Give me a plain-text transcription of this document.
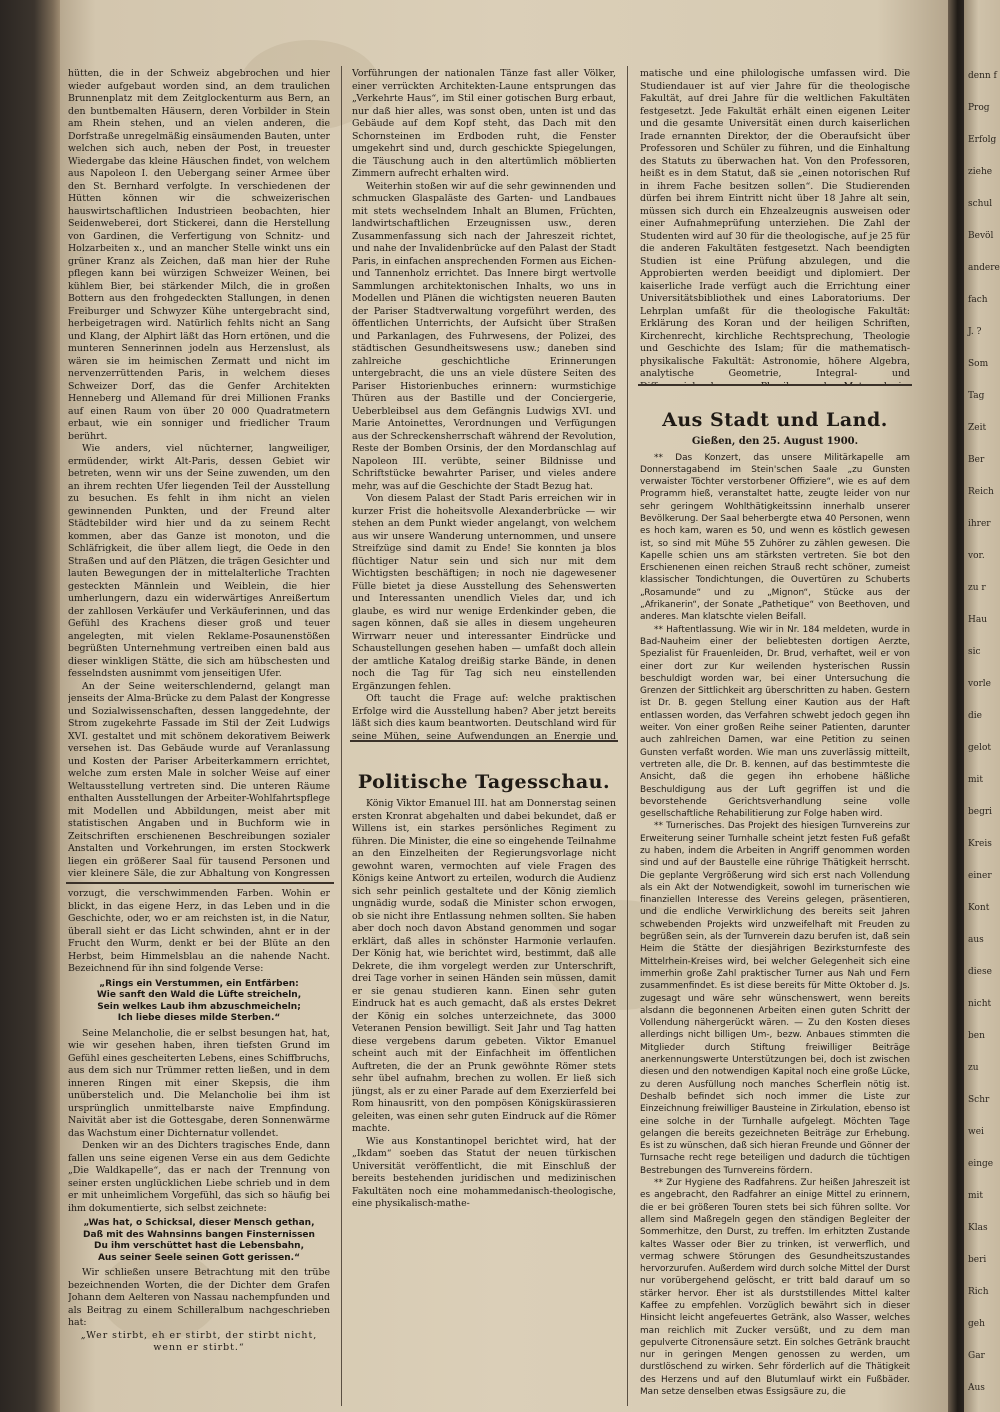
hütten, die in der Schweiz abgebrochen und hier wieder aufgebaut worden sind, an dem traulichen Brunnenplatz mit dem Zeitglockenturm aus Bern, an den buntbemalten Häusern, deren Vorbilder in Stein am Rhein stehen, und an vielen anderen, die Dorfstraße unregelmäßig einsäumenden Bauten, unter welchen sich auch, neben der Post, in treuester Wiedergabe das kleine Häuschen findet, von welchem aus Napoleon I. den Uebergang seiner Armee über den St. Bernhard verfolgte. In verschiedenen der Hütten können wir die schweizerischen hauswirtschaftlichen Industrieen beobachten, hier Seidenweberei, dort Stickerei, dann die Herstellung von Gardinen, die Verfertigung von Schnitz- und Holzarbeiten x., und an mancher Stelle winkt uns ein grüner Kranz als Zeichen, daß man hier der Ruhe pflegen kann bei würzigen Schweizer Weinen, bei kühlem Bier, bei stärkender Milch, die in großen Bottern aus den frohgedeckten Stallungen, in denen Freiburger und Schwyzer Kühe untergebracht sind, herbeigetragen wird. Natürlich fehlts nicht an Sang und Klang, der Alphirt läßt das Horn ertönen, und die munteren Sennerinnen jodeln aus Herzenslust, als wären sie im heimischen Zermatt und nicht im nervenzerrüttenden Paris, in welchem dieses Schweizer Dorf, das die Genfer Architekten Henneberg und Allemand für drei Millionen Franks auf einen Raum von über 20 000 Quadratmetern erbaut, wie ein sonniger und friedlicher Traum berührt.

Wie anders, viel nüchterner, langweiliger, ermüdender, wirkt Alt-Paris, dessen Gebiet wir betreten, wenn wir uns der Seine zuwenden, um den an ihrem rechten Ufer liegenden Teil der Ausstellung zu besuchen. Es fehlt in ihm nicht an vielen gewinnenden Punkten, und der Freund alter Städtebilder wird hier und da zu seinem Recht kommen, aber das Ganze ist monoton, und die Schläfrigkeit, die über allem liegt, die Oede in den Straßen und auf den Plätzen, die trägen Gesichter und lauten Bewegungen der in mittelalterliche Trachten gesteckten Männlein und Weiblein, die hier umherlungern, dazu ein widerwärtiges Anreißertum der zahllosen Verkäufer und Verkäuferinnen, und das Gefühl des Krachens dieser groß und teuer angelegten, mit vielen Reklame-Posaunenstößen begrüßten Unternehmung vertreiben einen bald aus dieser winkligen Stätte, die sich am hübschesten und fesselndsten ausnimmt vom jenseitigen Ufer.

An der Seine weiterschlendernd, gelangt man jenseits der Alma-Brücke zu dem Palast der Kongresse und Sozialwissenschaften, dessen langgedehnte, der Strom zugekehrte Fassade im Stil der Zeit Ludwigs XVI. gestaltet und mit schönem dekorativem Beiwerk versehen ist. Das Gebäude wurde auf Veranlassung und Kosten der Pariser Arbeiterkammern errichtet, welche zum ersten Male in solcher Weise auf einer Weltausstellung vertreten sind. Die unteren Räume enthalten Ausstellungen der Arbeiter-Wohlfahrtspflege mit Modellen und Abbildungen, meist aber mit statistischen Angaben und in Buchform wie in Zeitschriften erschienenen Beschreibungen sozialer Anstalten und Vorkehrungen, im ersten Stockwerk liegen ein größerer Saal für tausend Personen und vier kleinere Säle, die zur Abhaltung von Kongressen

vorzugt, die verschwimmenden Farben. Wohin er blickt, in das eigene Herz, in das Leben und in die Geschichte, oder, wo er am reichsten ist, in die Natur, überall sieht er das Licht schwinden, ahnt er in der Frucht den Wurm, denkt er bei der Blüte an den Herbst, beim Himmelsblau an die nahende Nacht. Bezeichnend für ihn sind folgende Verse:

„Rings ein Verstummen, ein Entfärben:
Wie sanft den Wald die Lüfte streicheln,
Sein welkes Laub ihm abzuschmeicheln;
Ich liebe dieses milde Sterben.“

Seine Melancholie, die er selbst besungen hat, hat, wie wir gesehen haben, ihren tiefsten Grund im Gefühl eines gescheiterten Lebens, eines Schiffbruchs, aus dem sich nur Trümmer retten ließen, und in dem inneren Ringen mit einer Skepsis, die ihm unüberstelich und. Die Melancholie bei ihm ist ursprünglich unmittelbarste naive Empfindung. Naivität aber ist die Gottesgabe, deren Sonnenwärme das Wachstum einer Dichternatur vollendet.

Denken wir an des Dichters tragisches Ende, dann fallen uns seine eigenen Verse ein aus dem Gedichte „Die Waldkapelle“, das er nach der Trennung von seiner ersten unglücklichen Liebe schrieb und in dem er mit unheimlichem Vorgefühl, das sich so häufig bei ihm dokumentierte, sich selbst zeichnete:

„Was hat, o Schicksal, dieser Mensch gethan,
Daß mit des Wahnsinns bangen Finsternissen
Du ihm verschüttet hast die Lebensbahn,
Aus seiner Seele seinen Gott gerissen.“

Wir schließen unsere Betrachtung mit den trübe bezeichnenden Worten, die der Dichter dem Grafen Johann dem Aelteren von Nassau nachempfunden und als Beitrag zu einem Schilleralbum nachgeschrieben hat:

„Wer stirbt, eh er stirbt, der stirbt nicht, wenn er stirbt.“

Vorführungen der nationalen Tänze fast aller Völker, einer verrückten Architekten-Laune entsprungen das „Verkehrte Haus“, im Stil einer gotischen Burg erbaut, nur daß hier alles, was sonst oben, unten ist und das Gebäude auf dem Kopf steht, das Dach mit den Schornsteinen im Erdboden ruht, die Fenster umgekehrt sind und, durch geschickte Spiegelungen, die Täuschung auch in den altertümlich möblierten Zimmern aufrecht erhalten wird.

Weiterhin stoßen wir auf die sehr gewinnenden und schmucken Glaspaläste des Garten- und Landbaues mit stets wechselndem Inhalt an Blumen, Früchten, landwirtschaftlichen Erzeugnissen usw., deren Zusammenfassung sich nach der Jahreszeit richtet, und nahe der Invalidenbrücke auf den Palast der Stadt Paris, in einfachen ansprechenden Formen aus Eichen- und Tannenholz errichtet. Das Innere birgt wertvolle Sammlungen architektonischen Inhalts, wo uns in Modellen und Plänen die wichtigsten neueren Bauten der Pariser Stadtverwaltung vorgeführt werden, des öffentlichen Unterrichts, der Aufsicht über Straßen und Parkanlagen, des Fuhrwesens, der Polizei, des städtischen Gesundheitswesens usw.; daneben sind zahlreiche geschichtliche Erinnerungen untergebracht, die uns an viele düstere Seiten des Pariser Historienbuches erinnern: wurmstichige Thüren aus der Bastille und der Conciergerie, Ueberbleibsel aus dem Gefängnis Ludwigs XVI. und Marie Antoinettes, Verordnungen und Verfügungen aus der Schreckensherrschaft während der Revolution, Reste der Bomben Orsinis, der den Mordanschlag auf Napoleon III. verübte, seiner Bildnisse und Schriftstücke bewahrter Pariser, und vieles andere mehr, was auf die Geschichte der Stadt Bezug hat.

Von diesem Palast der Stadt Paris erreichen wir in kurzer Frist die hoheitsvolle Alexanderbrücke — wir stehen an dem Punkt wieder angelangt, von welchem aus wir unsere Wanderung unternommen, und unsere Streifzüge sind damit zu Ende! Sie konnten ja blos flüchtiger Natur sein und sich nur mit dem Wichtigsten beschäftigen; in noch nie dagewesener Fülle bietet ja diese Ausstellung des Sehenswerten und Interessanten unendlich Vieles dar, und ich glaube, es wird nur wenige Erdenkinder geben, die sagen können, daß sie alles in diesem ungeheuren Wirrwarr neuer und interessanter Eindrücke und Schaustellungen gesehen haben — umfaßt doch allein der amtliche Katalog dreißig starke Bände, in denen noch die Tag für Tag sich neu einstellenden Ergänzungen fehlen.

Oft taucht die Frage auf: welche praktischen Erfolge wird die Ausstellung haben? Aber jetzt bereits läßt sich dies kaum beantworten. Deutschland wird für seine Mühen, seine Aufwendungen an Energie und

Politische Tagesschau.

König Viktor Emanuel III. hat am Donnerstag seinen ersten Kronrat abgehalten und dabei bekundet, daß er Willens ist, ein starkes persönliches Regiment zu führen. Die Minister, die eine so eingehende Teilnahme an den Einzelheiten der Regierungsvorlage nicht gewohnt waren, vermochten auf viele Fragen des Königs keine Antwort zu erteilen, wodurch die Audienz sich sehr peinlich gestaltete und der König ziemlich ungnädig wurde, sodaß die Minister schon erwogen, ob sie nicht ihre Entlassung nehmen sollten. Sie haben aber doch noch davon Abstand genommen und sogar erklärt, daß alles in schönster Harmonie verlaufen. Der König hat, wie berichtet wird, bestimmt, daß alle Dekrete, die ihm vorgelegt werden zur Unterschrift, drei Tage vorher in seinen Händen sein müssen, damit er sie genau studieren kann. Einen sehr guten Eindruck hat es auch gemacht, daß als erstes Dekret der König ein solches unterzeichnete, das 3000 Veteranen Pension bewilligt. Seit Jahr und Tag hatten diese vergebens darum gebeten. Viktor Emanuel scheint auch mit der Einfachheit im öffentlichen Auftreten, die der an Prunk gewöhnte Römer stets sehr übel aufnahm, brechen zu wollen. Er ließ sich jüngst, als er zu einer Parade auf dem Exerzierfeld bei Rom hinausritt, von den pompösen Königskürassieren geleiten, was einen sehr guten Eindruck auf die Römer machte.

Wie aus Konstantinopel berichtet wird, hat der „Ikdam“ soeben das Statut der neuen türkischen Universität veröffentlicht, die mit Einschluß der bereits bestehenden juridischen und medizinischen Fakultäten noch eine mohammedanisch-theologische, eine physikalisch-mathe-

matische und eine philologische umfassen wird. Die Studiendauer ist auf vier Jahre für die theologische Fakultät, auf drei Jahre für die weltlichen Fakultäten festgesetzt. Jede Fakultät erhält einen eigenen Leiter und die gesamte Universität einen durch kaiserlichen Irade ernannten Direktor, der die Oberaufsicht über Professoren und Schüler zu führen, und die Einhaltung des Statuts zu überwachen hat. Von den Professoren, heißt es in dem Statut, daß sie „einen notorischen Ruf in ihrem Fache besitzen sollen“. Die Studierenden dürfen bei ihrem Eintritt nicht über 18 Jahre alt sein, müssen sich durch ein Ehzealzeugnis ausweisen oder einer Aufnahmeprüfung unterziehen. Die Zahl der Studenten wird auf 30 für die theologische, auf je 25 für die anderen Fakultäten festgesetzt. Nach beendigten Studien ist eine Prüfung abzulegen, und die Approbierten werden beeidigt und diplomiert. Der kaiserliche Irade verfügt auch die Errichtung einer Universitätsbibliothek und eines Laboratoriums. Der Lehrplan umfaßt für die theologische Fakultät: Erklärung des Koran und der heiligen Schriften, Kirchenrecht, kirchliche Rechtsprechung, Theologie und Geschichte des Islam; für die mathematisch-physikalische Fakultät: Astronomie, höhere Algebra, analytische Geometrie, Integral- und

Aus Stadt und Land.
Gießen, den 25. August 1900.

** Das Konzert, das unsere Militärkapelle am Donnerstagabend im Stein'schen Saale „zu Gunsten verwaister Töchter verstorbener Offiziere“, wie es auf dem Programm hieß, veranstaltet hatte, zeugte leider von nur sehr geringem Wohlthätigkeitssinn innerhalb unserer Bevölkerung. Der Saal beherbergte etwa 40 Personen, wenn es hoch kam, waren es 50, und wenn es köstlich gewesen ist, so sind mit Mühe 55 Zuhörer zu zählen gewesen. Die Kapelle schien uns am stärksten vertreten. Sie bot den Erschienenen einen reichen Strauß recht schöner, zumeist klassischer Tondichtungen, die Ouvertüren zu Schuberts „Rosamunde“ und zu „Mignon“, Stücke aus der „Afrikanerin“, der Sonate „Pathetique“ von Beethoven, und anderes. Man klatschte vielen Beifall.

** Haftentlassung. Wie wir in Nr. 184 meldeten, wurde in Bad-Nauheim einer der beliebtesten dortigen Aerzte, Spezialist für Frauenleiden, Dr. Brud, verhaftet, weil er von einer dort zur Kur weilenden hysterischen Russin beschuldigt worden war, bei einer Untersuchung die Grenzen der Sittlichkeit arg überschritten zu haben. Gestern ist Dr. B. gegen Stellung einer Kaution aus der Haft entlassen worden, das Verfahren schwebt jedoch gegen ihn weiter. Von einer großen Reihe seiner Patienten, darunter auch zahlreichen Damen, war eine Petition zu seinen Gunsten verfaßt worden. Wie man uns zuverlässig mitteilt, vertreten alle, die Dr. B. kennen, auf das bestimmteste die Ansicht, daß die gegen ihn erhobene häßliche Beschuldigung aus der Luft gegriffen ist und die bevorstehende Gerichtsverhandlung seine volle gesellschaftliche Rehabilitierung zur Folge haben wird.

** Turnerisches. Das Projekt des hiesigen Turnvereins zur Erweiterung seiner Turnhalle scheint jetzt festen Fuß gefaßt zu haben, indem die Arbeiten in Angriff genommen worden sind und auf der Baustelle eine rührige Thätigkeit herrscht. Die geplante Vergrößerung wird sich erst nach Vollendung als ein Akt der Notwendigkeit, sowohl im turnerischen wie finanziellen Interesse des Vereins gelegen, präsentieren, und die endliche Verwirklichung des bereits seit Jahren schwebenden Projekts wird unzweifelhaft mit Freuden zu begrüßen sein, als der Turnverein dazu berufen ist, daß sein Heim die Stätte der diesjährigen Bezirksturnfeste des Mittelrhein-Kreises wird, bei welcher Gelegenheit sich eine immerhin große Zahl praktischer Turner aus Nah und Fern zusammenfindet. Es ist diese bereits für Mitte Oktober d. Js. zugesagt und wäre sehr wünschenswert, wenn bereits alsdann die begonnenen Arbeiten einen guten Schritt der Vollendung nähergerückt wären. — Zu den Kosten dieses allerdings nicht billigen Um-, bezw. Anbaues stimmten die Mitglieder durch Stiftung freiwilliger Beiträge anerkennungswerte Unterstützungen bei, doch ist zwischen diesen und den notwendigen Kapital noch eine große Lücke, zu deren Ausfüllung noch manches Scherflein nötig ist. Deshalb befindet sich noch immer die Liste zur Einzeichnung freiwilliger Bausteine in Zirkulation, ebenso ist eine solche in der Turnhalle aufgelegt. Möchten Tage gelangen die bereits gezeichneten Beiträge zur Erhebung. Es ist zu wünschen, daß sich hieran Freunde und Gönner der Turnsache recht rege beteiligen und dadurch die tüchtigen Bestrebungen des Turnvereins fördern.

** Zur Hygiene des Radfahrens. Zur heißen Jahreszeit ist es angebracht, den Radfahrer an einige Mittel zu erinnern, die er bei größeren Touren stets bei sich führen sollte. Vor allem sind Maßregeln gegen den ständigen Begleiter der Sommerhitze, den Durst, zu treffen. Im erhitzten Zustande kaltes Wasser oder Bier zu trinken, ist verwerflich, und vermag schwere Störungen des Gesundheitszustandes hervorzurufen. Außerdem wird durch solche Mittel der Durst nur vorübergehend gelöscht, er tritt bald darauf um so stärker hervor. Eher ist als durststillendes Mittel kalter Kaffee zu empfehlen. Vorzüglich bewährt sich in dieser Hinsicht leicht angefeuertes Getränk, also Wasser, welches man reichlich mit Zucker versüßt, und zu dem man gepulverte Citronensäure setzt. Ein solches Getränk braucht nur in geringen Mengen genossen zu werden, um durstlöschend zu wirken. Sehr förderlich auf die Thätigkeit des Herzens und auf den Blutumlauf wirkt ein Fußbäder. Man setze denselben etwas Essigsäure zu, die

denn f
Prog
Erfolg
ziehe
schul
Bevöl
andere
fach
J. ?
Som
Tag
Zeit
Ber
Reich
ihrer
vor.
zu r
Hau
sic
vorle
die
gelot
mit
begri
Kreis
einer
Kont
aus
diese
nicht
ben
zu
Schr
wei
einge
mit
Klas
beri
Rich
geh
Gar
Aus
